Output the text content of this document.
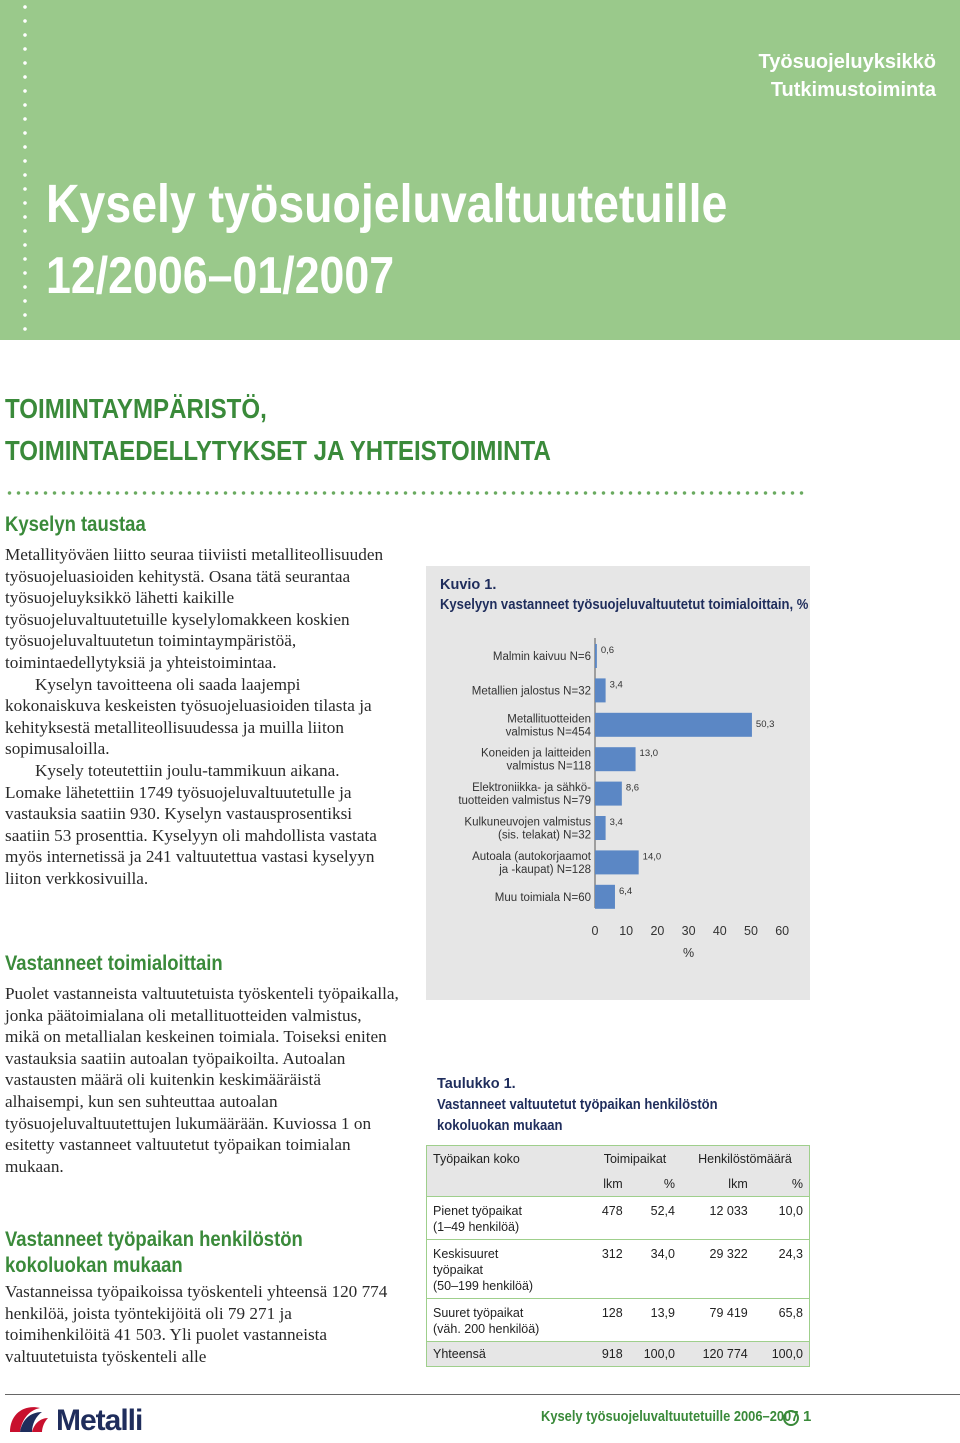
Työsuojeluyksikkö
Tutkimustoiminta
Kysely työsuojeluvaltuutetuille
12/2006–01/2007
TOIMINTAYMPÄRISTÖ,
TOIMINTAEDELLYTYKSET JA YHTEISTOIMINTA
Kyselyn taustaa

Metallityöväen liitto seuraa tiiviisti metalliteollisuuden työsuojeluasioiden kehitystä. Osana tätä seurantaa työsuojeluyksikkö lähetti kaikille työsuojeluvaltuutetuille kyselylomakkeen koskien työsuojeluvaltuutetun toimintaympäristöä, toimintaedellytyksiä ja yhteistoimintaa.

Kyselyn tavoitteena oli saada laajempi kokonaiskuva keskeisten työsuojeluasioiden tilasta ja kehityksestä metalliteollisuudessa ja muilla liiton sopimusaloilla.

Kysely toteutettiin joulu-tammikuun aikana. Lomake lähetettiin 1749 työsuojeluvaltuutetulle ja vastauksia saatiin 930. Kyselyn vastausprosentiksi saatiin 53 prosenttia. Kyselyyn oli mahdollista vastata myös internetissä ja 241 valtuutettua vastasi kyselyyn liiton verkkosivuilla.

Vastanneet toimialoittain

Puolet vastanneista valtuutetuista työskenteli työpaikalla, jonka päätoimialana oli metallituotteiden valmistus, mikä on metallialan keskeinen toimiala. Toiseksi eniten vastauksia saatiin autoalan työpaikoilta. Autoalan vastausten määrä oli kuitenkin keskimääräistä alhaisempi, kun sen suhteuttaa autoalan työsuojeluvaltuutettujen lukumäärään. Kuviossa 1 on esitetty vastanneet valtuutetut työpaikan toimialan mukaan.

Vastanneet työpaikan henkilöstön
kokoluokan mukaan

Vastanneissa työpaikoissa työskenteli yhteensä 120 774 henkilöä, joista työntekijöitä oli 79 271 ja toimihenkilöitä 41 503. Yli puolet vastanneista valtuutetuista työskenteli alle

Kuvio 1.
Kyselyyn vastanneet työsuojeluvaltuutetut toimialoittain, %
0,6
Malmin kaivuu N=6
3,4
Metallien jalostus N=32
50,3
Metallituotteiden
valmistus N=454
13,0
Koneiden ja laitteiden
valmistus N=118
8,6
Elektroniikka- ja sähkö-
tuotteiden valmistus N=79
3,4
Kulkuneuvojen valmistus
(sis. telakat) N=32
14,0
Autoala (autokorjaamot
ja -kaupat) N=128
6,4
Muu toimiala N=60
0 10 20 30 40 50 60
%
Taulukko 1.
Vastanneet valtuutetut työpaikan henkilöstön kokoluokan mukaan
Työpaikan koko	Toimipaikat		Henkilöstömäärä	
	lkm	%	lkm	%

Pienet työpaikat
(1–49 henkilöä)	478	52,4	12 033	10,0

Keskisuuret
työpaikat
(50–199 henkilöä)	312	34,0	29 322	24,3

Suuret työpaikat
(väh. 200 henkilöä)	128	13,9	79 419	65,8
Yhteensä	918	100,0	120 774	100,0
Metalli	Kysely työsuojeluvaltuutetuille 2006–2007 1
